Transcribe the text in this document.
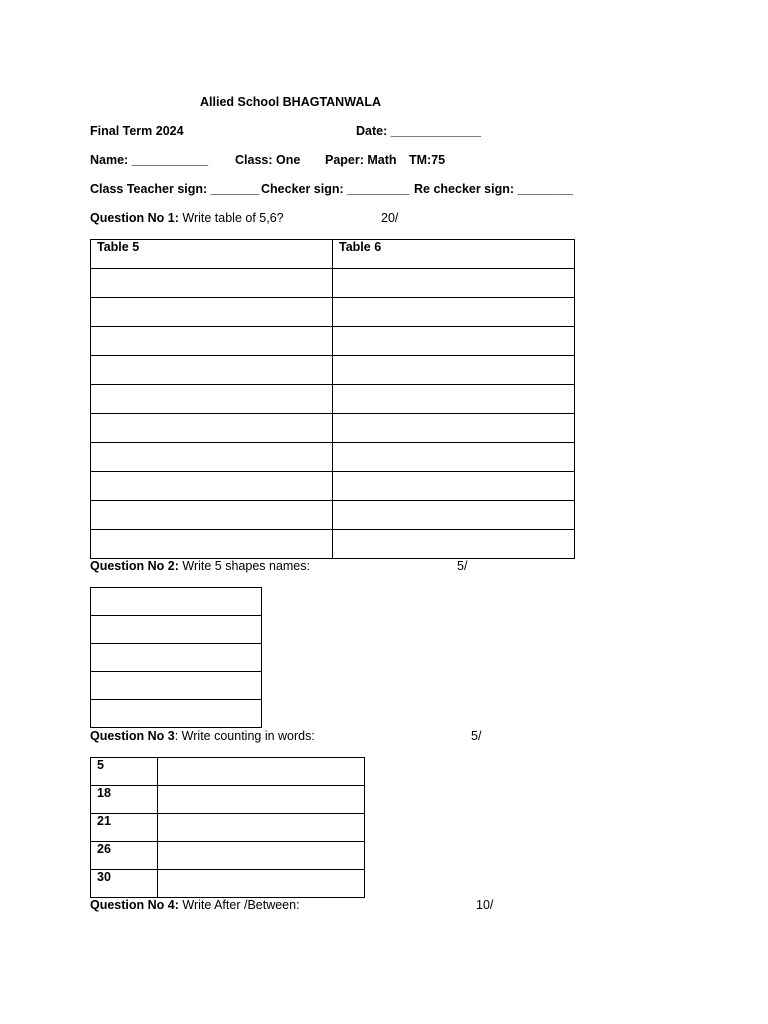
Allied School BHAGTANWALA
Final Term 2024	Date: _____________
Name: ___________ Class: One Paper: Math TM:75
Class Teacher sign: _______ Checker sign: _________ Re checker sign: ________
Question No 1: Write table of 5,6?	20/
Table 5	Table 6

Question No 2: Write 5 shapes names:	5/

Question No 3: Write counting in words:	5/
5	
18	
21	
26	
30	
Question No 4: Write After /Between:	10/
